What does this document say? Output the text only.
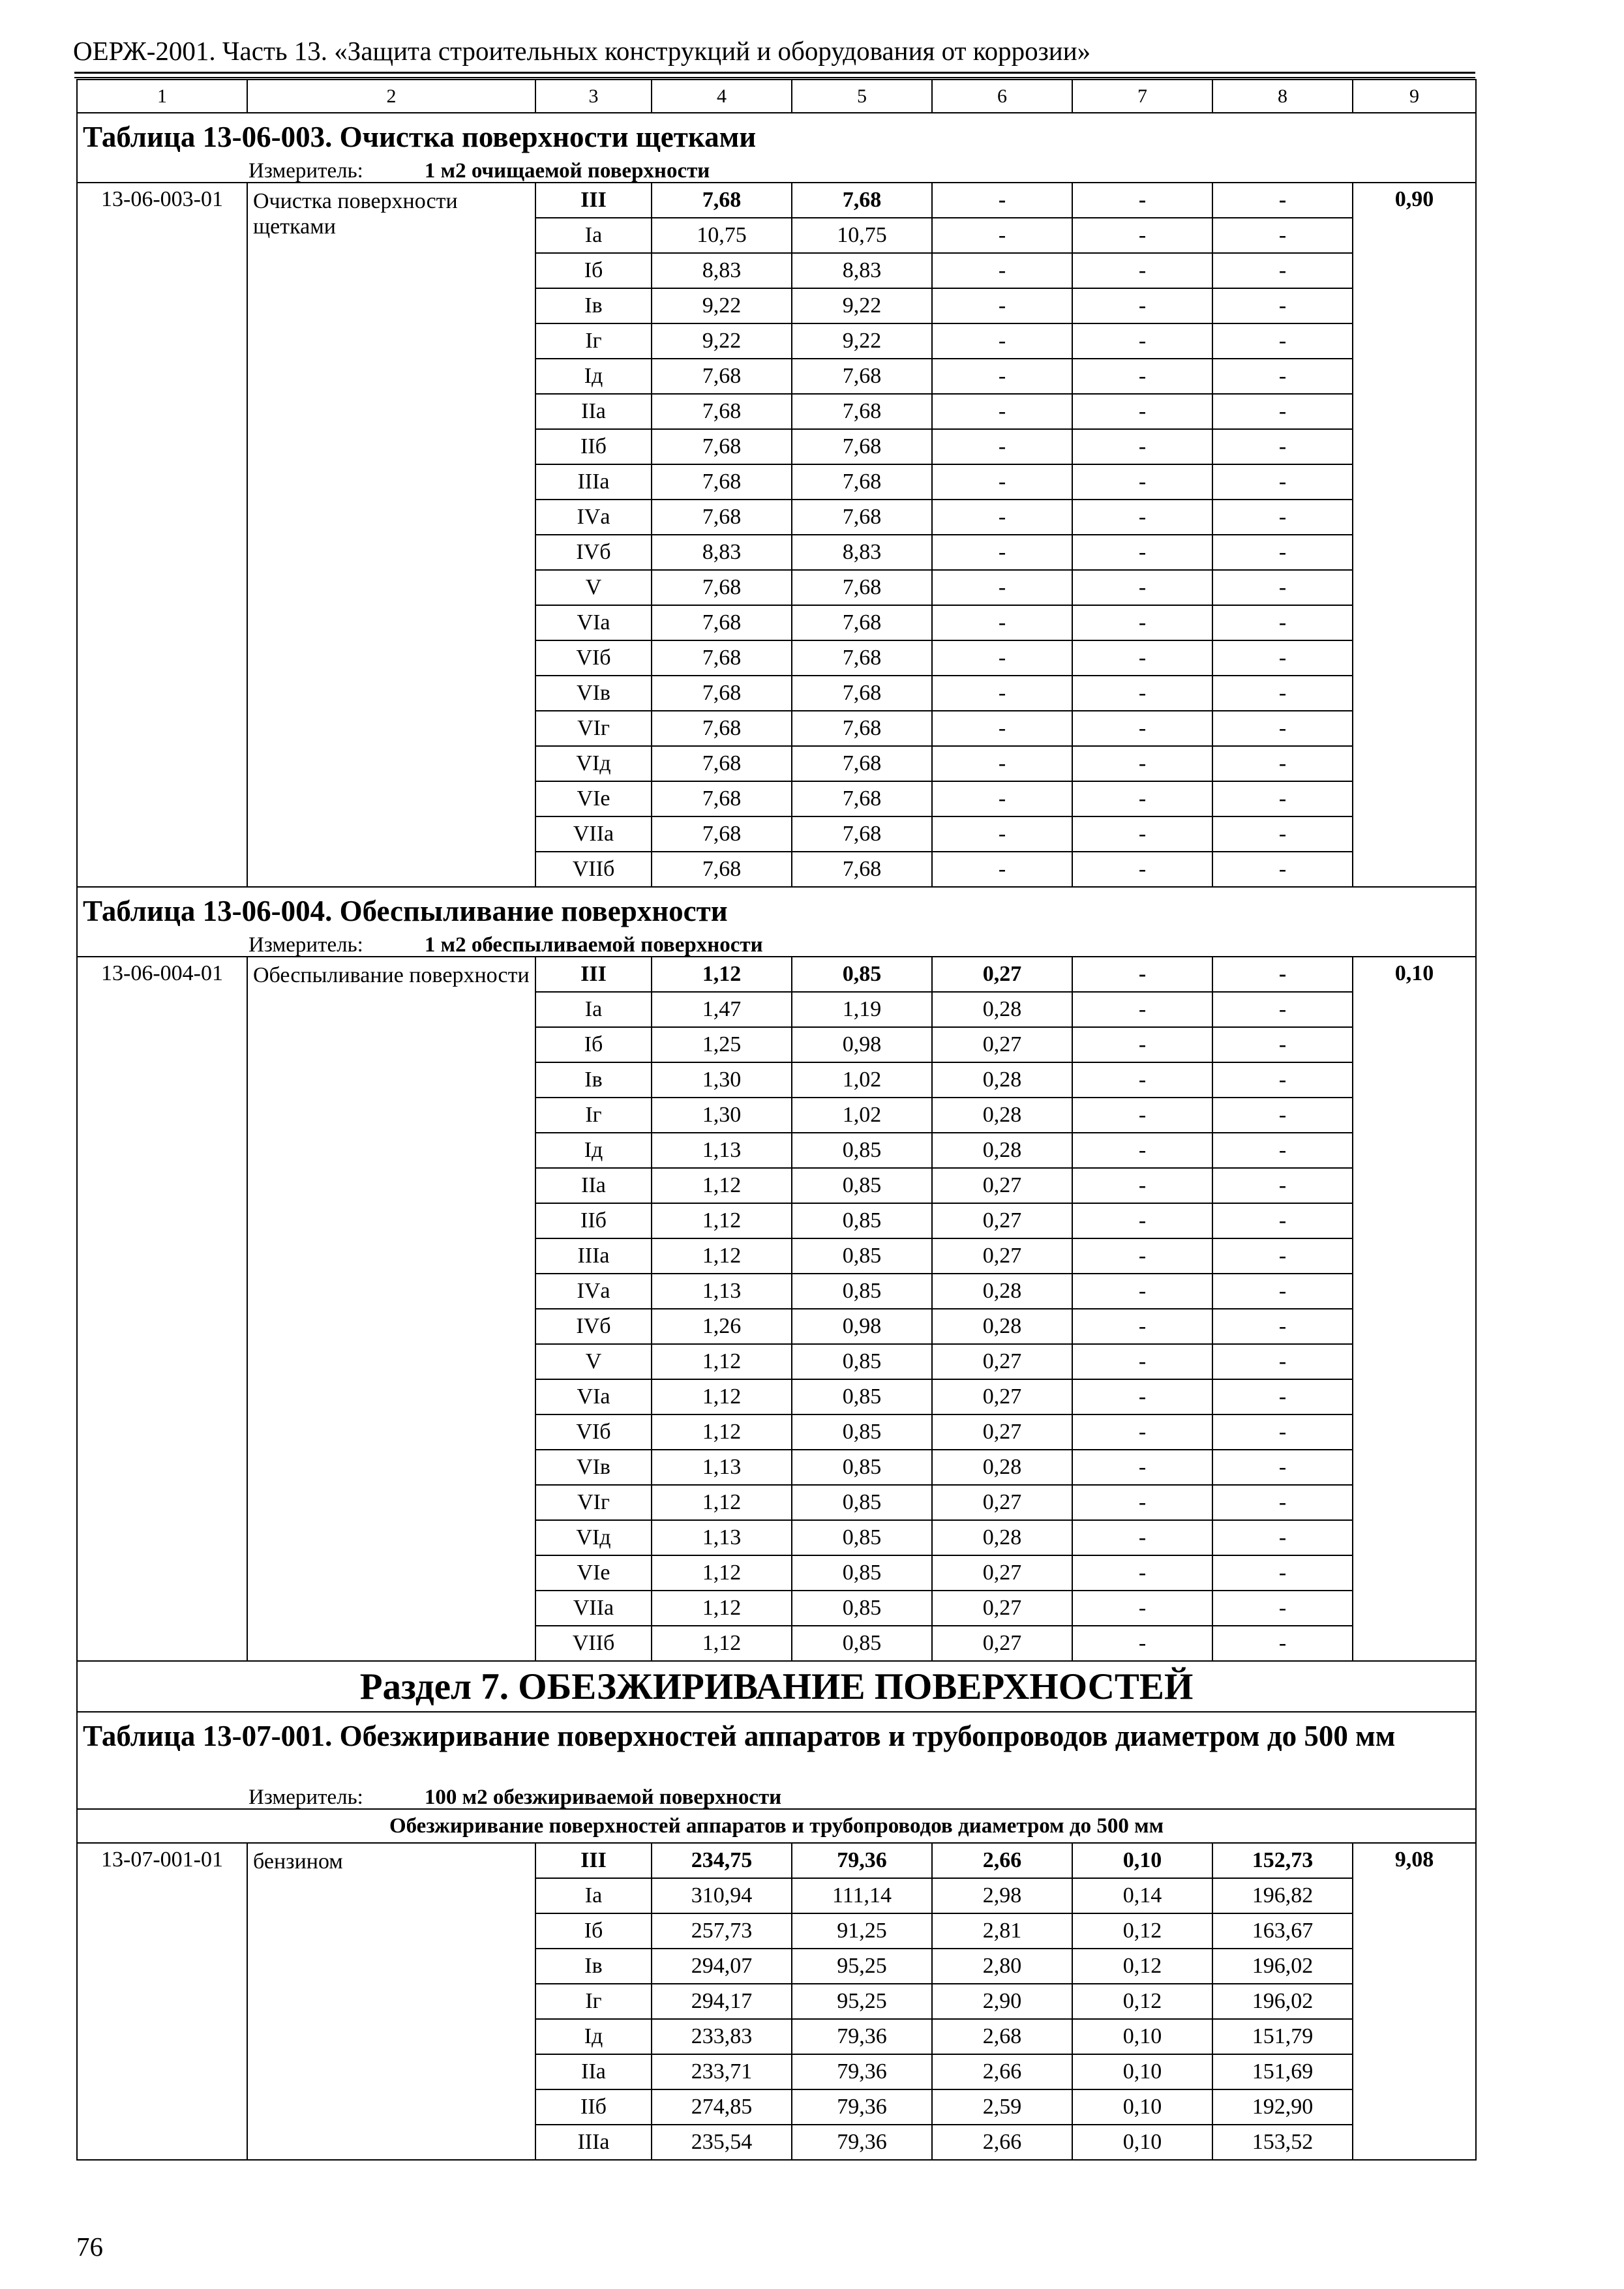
ОЕРЖ-2001. Часть 13. «Защита строительных конструкций и оборудования от коррозии»
1	2	3	4	5	6	7	8	9
Таблица 13-06-003. Очистка поверхности щетками								
Измеритель: 1 м2 очищаемой поверхности								
13-06-003-01	Очистка поверхности щетками	III	7,68	7,68	-	-	-	0,90
		Iа	10,75	10,75	-	-	-	
		Iб	8,83	8,83	-	-	-	
		Iв	9,22	9,22	-	-	-	
		Iг	9,22	9,22	-	-	-	
		Iд	7,68	7,68	-	-	-	
		IIа	7,68	7,68	-	-	-	
		IIб	7,68	7,68	-	-	-	
		IIIа	7,68	7,68	-	-	-	
		IVа	7,68	7,68	-	-	-	
		IVб	8,83	8,83	-	-	-	
		V	7,68	7,68	-	-	-	
		VIа	7,68	7,68	-	-	-	
		VIб	7,68	7,68	-	-	-	
		VIв	7,68	7,68	-	-	-	
		VIг	7,68	7,68	-	-	-	
		VIд	7,68	7,68	-	-	-	
		VIе	7,68	7,68	-	-	-	
		VIIа	7,68	7,68	-	-	-	
		VIIб	7,68	7,68	-	-	-	
Таблица 13-06-004. Обеспыливание поверхности								
Измеритель: 1 м2 обеспыливаемой поверхности								
13-06-004-01	Обеспыливание поверхности	III	1,12	0,85	0,27	-	-	0,10
		Iа	1,47	1,19	0,28	-	-	
		Iб	1,25	0,98	0,27	-	-	
		Iв	1,30	1,02	0,28	-	-	
		Iг	1,30	1,02	0,28	-	-	
		Iд	1,13	0,85	0,28	-	-	
		IIа	1,12	0,85	0,27	-	-	
		IIб	1,12	0,85	0,27	-	-	
		IIIа	1,12	0,85	0,27	-	-	
		IVа	1,13	0,85	0,28	-	-	
		IVб	1,26	0,98	0,28	-	-	
		V	1,12	0,85	0,27	-	-	
		VIа	1,12	0,85	0,27	-	-	
		VIб	1,12	0,85	0,27	-	-	
		VIв	1,13	0,85	0,28	-	-	
		VIг	1,12	0,85	0,27	-	-	
		VIд	1,13	0,85	0,28	-	-	
		VIе	1,12	0,85	0,27	-	-	
		VIIа	1,12	0,85	0,27	-	-	
		VIIб	1,12	0,85	0,27	-	-	
Раздел 7. ОБЕЗЖИРИВАНИЕ ПОВЕРХНОСТЕЙ								
Таблица 13-07-001. Обезжиривание поверхностей аппаратов и трубопроводов диаметром до 500 мм								
Измеритель: 100 м2 обезжириваемой поверхности								
Обезжиривание поверхностей аппаратов и трубопроводов диаметром до 500 мм								
13-07-001-01	бензином	III	234,75	79,36	2,66	0,10	152,73	9,08
		Iа	310,94	111,14	2,98	0,14	196,82	
		Iб	257,73	91,25	2,81	0,12	163,67	
		Iв	294,07	95,25	2,80	0,12	196,02	
		Iг	294,17	95,25	2,90	0,12	196,02	
		Iд	233,83	79,36	2,68	0,10	151,79	
		IIа	233,71	79,36	2,66	0,10	151,69	
		IIб	274,85	79,36	2,59	0,10	192,90	
		IIIа	235,54	79,36	2,66	0,10	153,52	
76
